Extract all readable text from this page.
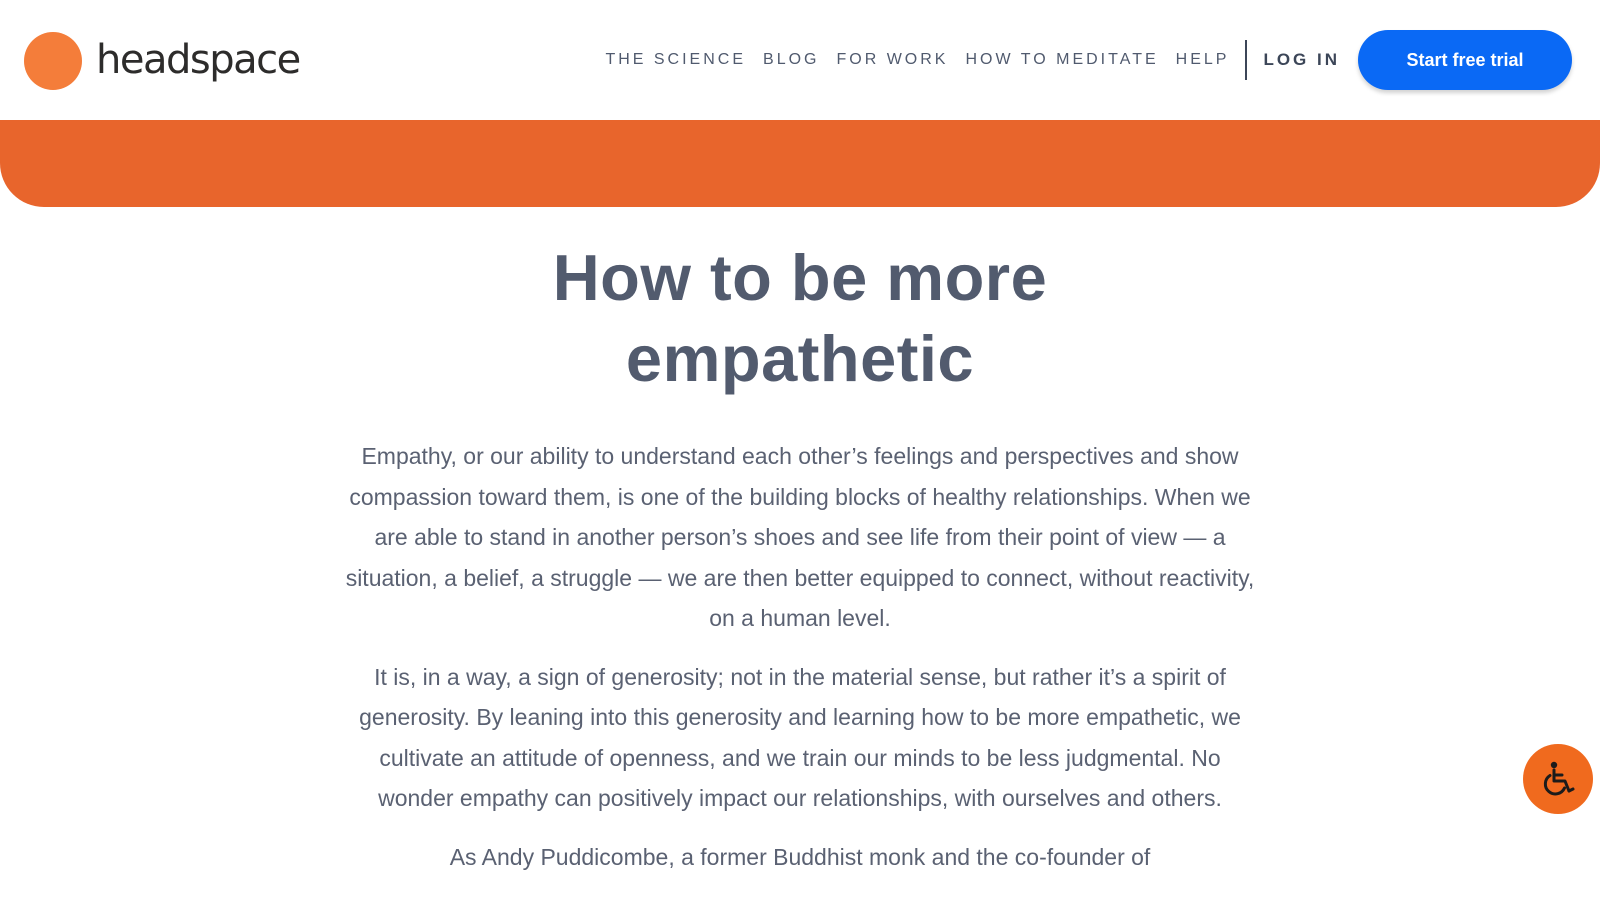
headspace	THE SCIENCE BLOG FOR WORK HOW TO MEDITATE HELP LOG IN	Start free trial
How to be more empathetic

Empathy, or our ability to understand each other’s feelings and perspectives and show compassion toward them, is one of the building blocks of healthy relationships. When we are able to stand in another person’s shoes and see life from their point of view — a situation, a belief, a struggle — we are then better equipped to connect, without reactivity, on a human level.

It is, in a way, a sign of generosity; not in the material sense, but rather it’s a spirit of generosity. By leaning into this generosity and learning how to be more empathetic, we cultivate an attitude of openness, and we train our minds to be less judgmental. No wonder empathy can positively impact our relationships, with ourselves and others.

As Andy Puddicombe, a former Buddhist monk and the co-founder of
